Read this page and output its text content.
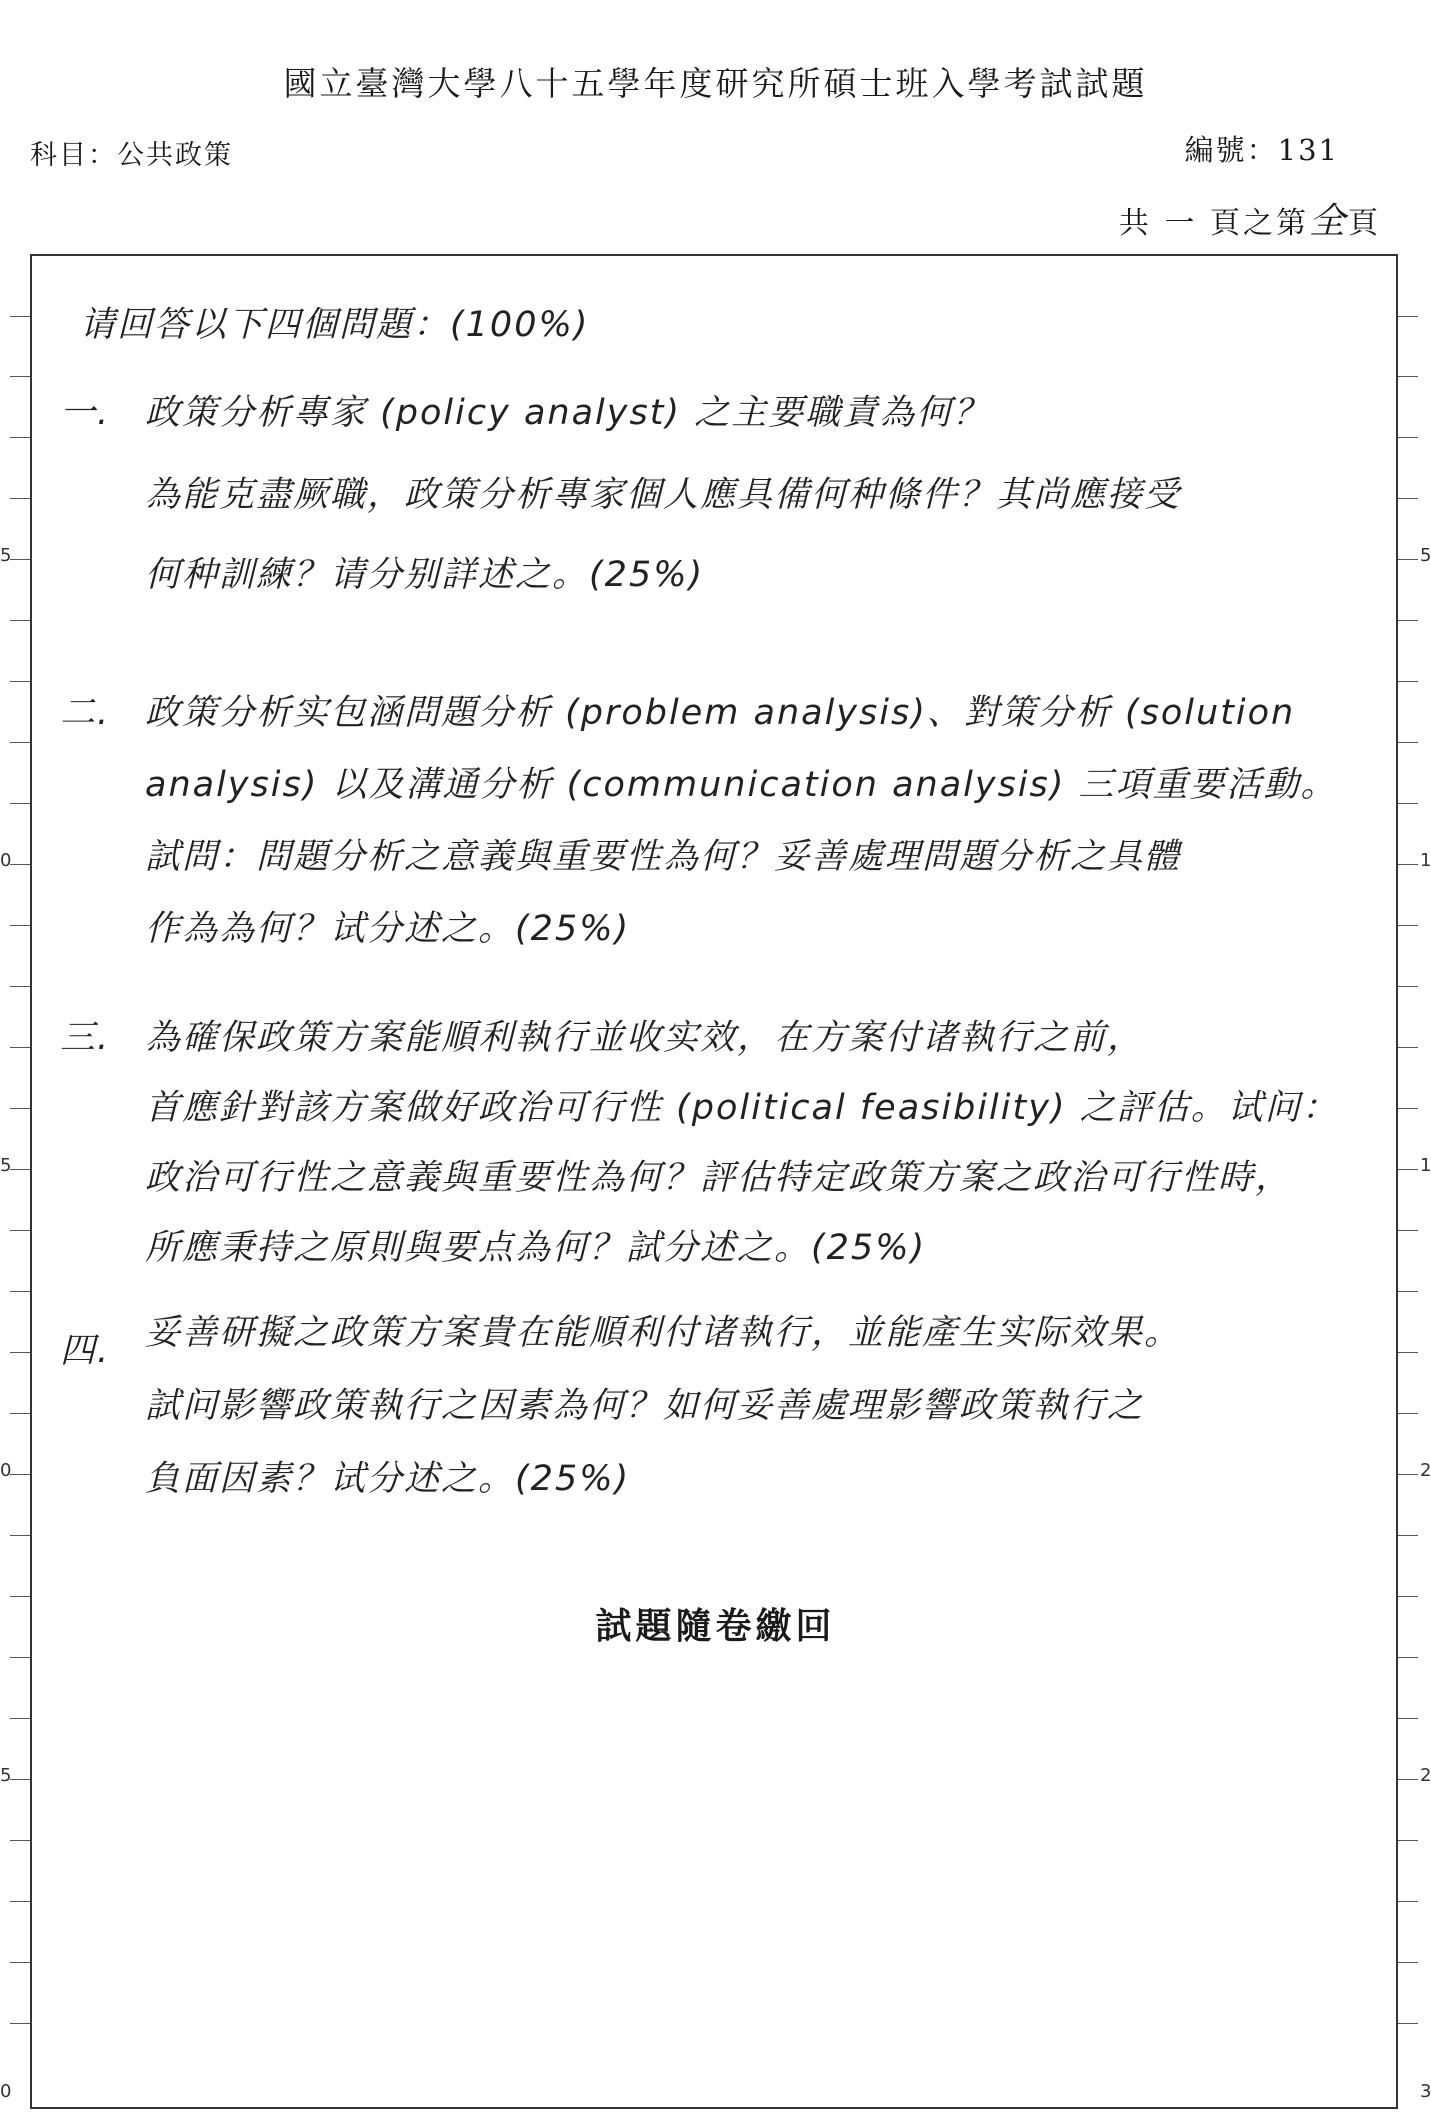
國立臺灣大學八十五學年度研究所碩士班入學考試試題
科目：公共政策	編號：131
共 一 頁之第全頁
5
0
5
0
5
0
5
1
1
2
2
3
请回答以下四個問題：(100%)
一. 政策分析專家 (policy analyst) 之主要職責為何？
為能克盡厥職，政策分析專家個人應具備何种條件？其尚應接受
何种訓練？请分别詳述之。(25%)
二. 政策分析实包涵問題分析 (problem analysis)、對策分析 (solution
analysis) 以及溝通分析 (communication analysis) 三項重要活動。
試問：問題分析之意義與重要性為何？妥善處理問題分析之具體
作為為何？试分述之。(25%)
三. 為確保政策方案能順利執行並收实效，在方案付诸執行之前，
首應針對該方案做好政治可行性 (political feasibility) 之評估。试问：
政治可行性之意義與重要性為何？評估特定政策方案之政治可行性時，
所應秉持之原則與要点為何？試分述之。(25%)
四. 妥善研擬之政策方案貴在能順利付诸執行，並能產生实际效果。
試问影響政策執行之因素為何？如何妥善處理影響政策執行之
負面因素？试分述之。(25%)
試題隨卷繳回
